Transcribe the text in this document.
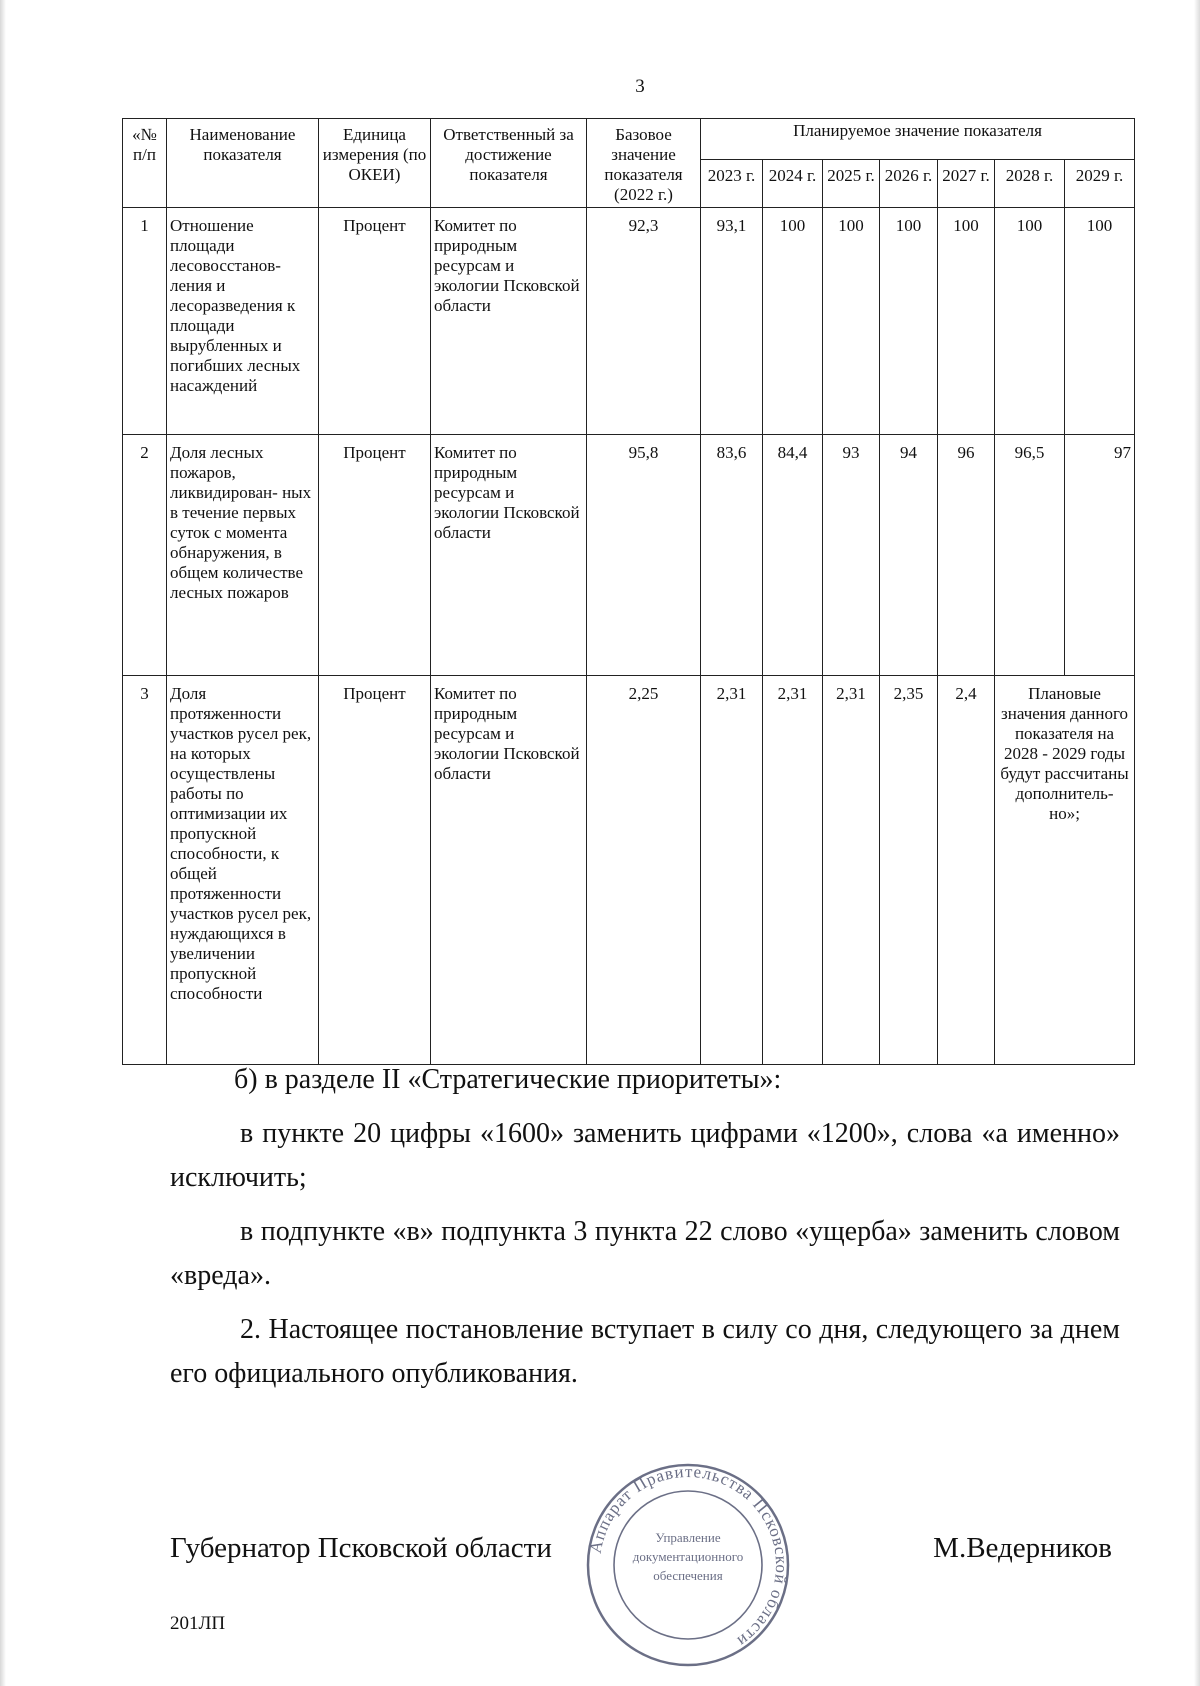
3
«№ п/п	Наименование показателя	Единица измерения (по ОКЕИ)	Ответственный за достижение показателя	Базовое значение показателя (2022 г.)	Планируемое значение показателя						
					2023 г.	2024 г.	2025 г.	2026 г.	2027 г.	2028 г.	2029 г.
1	Отношение площади лесовосстанов- ления и лесоразведения к площади вырубленных и погибших лесных насаждений	Процент	Комитет по природным ресурсам и экологии Псковской области	92,3	93,1	100	100	100	100	100	100
2	Доля лесных пожаров, ликвидирован- ных в течение первых суток с момента обнаружения, в общем количестве лесных пожаров	Процент	Комитет по природным ресурсам и экологии Псковской области	95,8	83,6	84,4	93	94	96	96,5	97
3	Доля протяженности участков русел рек, на которых осуществлены работы по оптимизации их пропускной способности, к общей протяженности участков русел рек, нуждающихся в увеличении пропускной способности	Процент	Комитет по природным ресурсам и экологии Псковской области	2,25	2,31	2,31	2,31	2,35	2,4	Плановые значения данного показателя на 2028 - 2029 годы будут рассчитаны дополнитель- но»;	

б) в разделе II «Стратегические приоритеты»:

в пункте 20 цифры «1600» заменить цифрами «1200», слова «а именно» исключить;

в подпункте «в» подпункта 3 пункта 22 слово «ущерба» заменить словом «вреда».

2. Настоящее постановление вступает в силу со дня, следующего за днем его официального опубликования.

Аппарат Правительства Псковской области
Управление
документационного
обеспечения
Губернатор Псковской области	М.Ведерников
201ЛП
